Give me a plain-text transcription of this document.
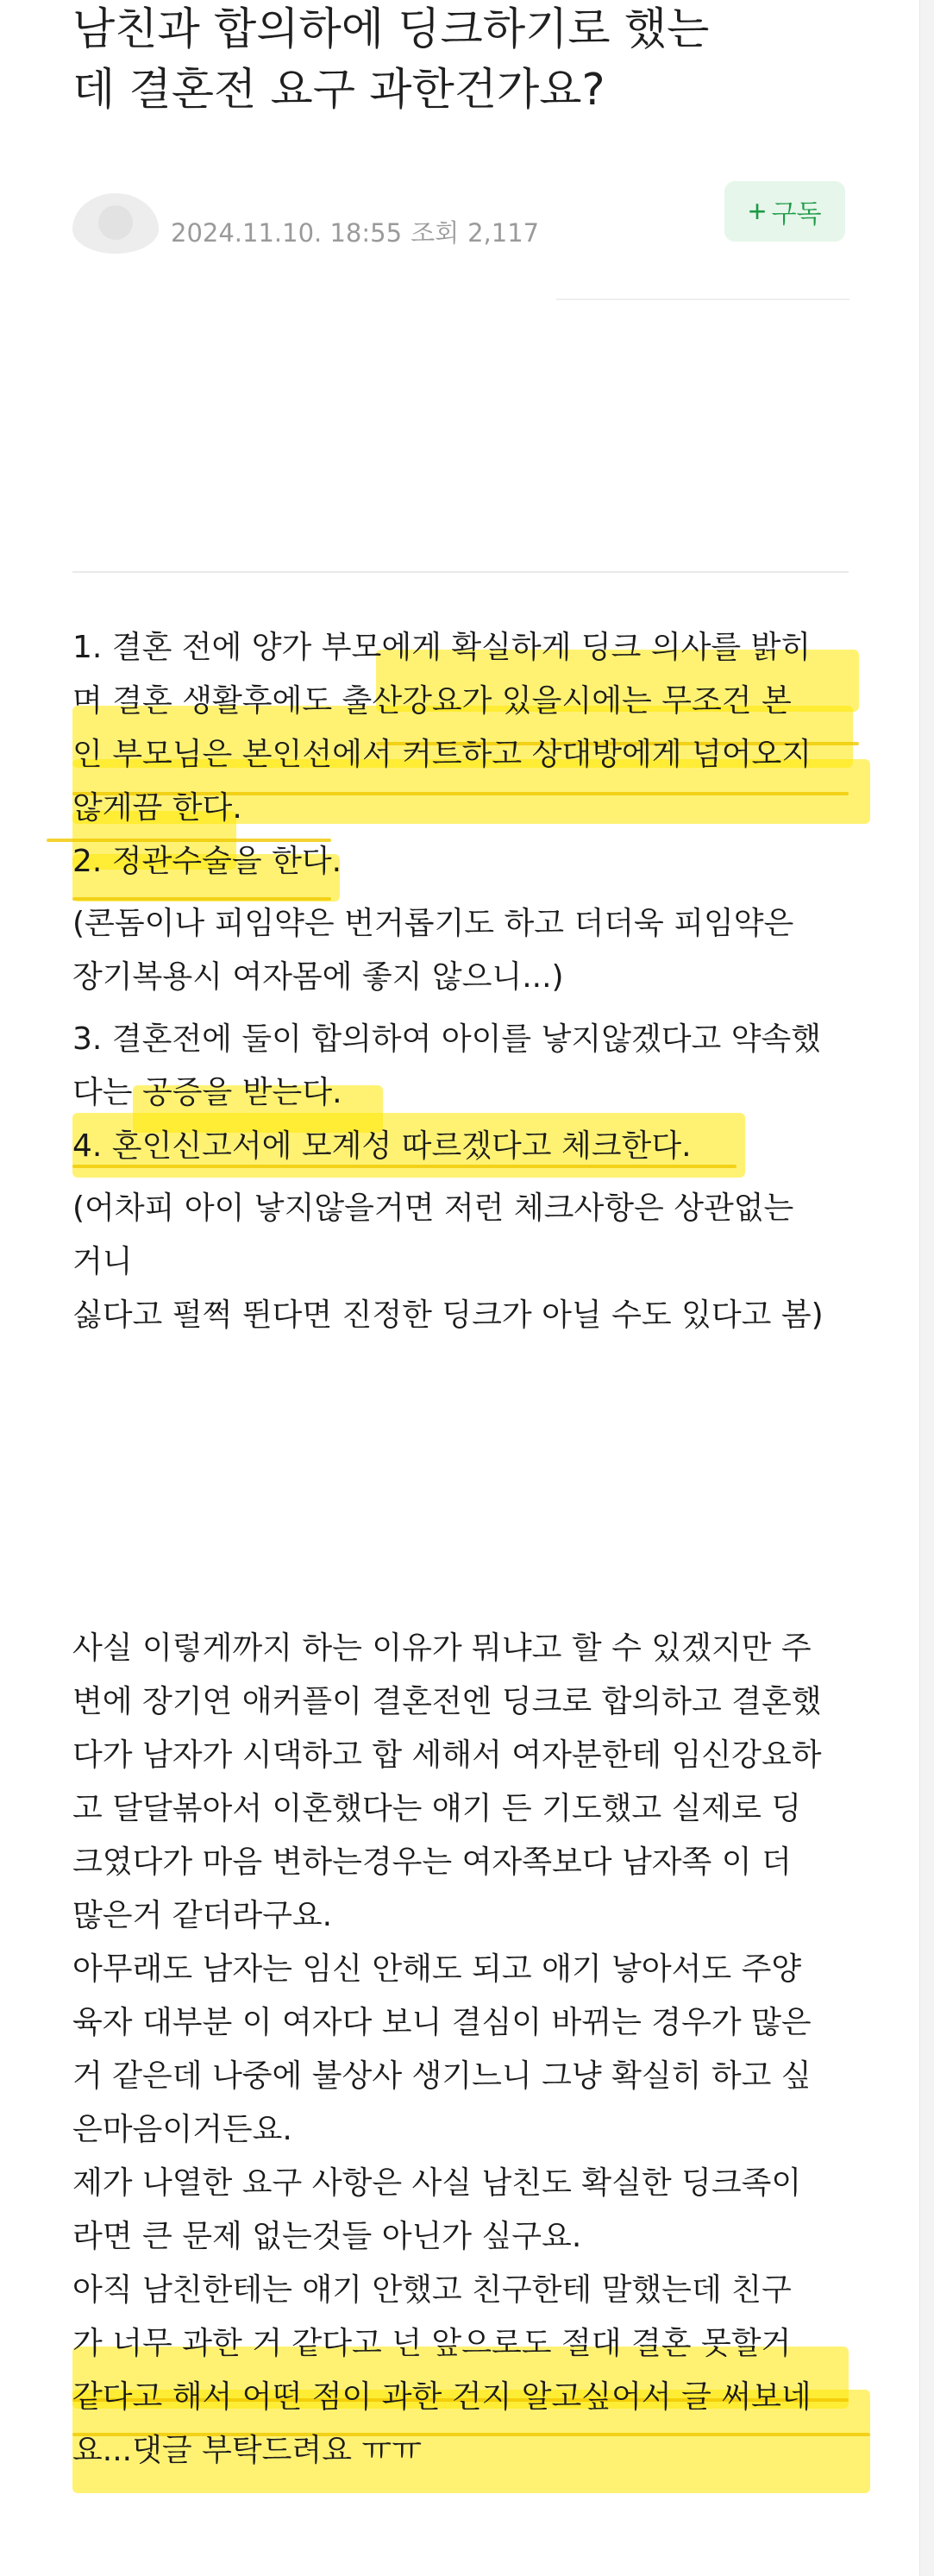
남친과 합의하에 딩크하기로 했는
데 결혼전 요구 과한건가요?
2024.11.10. 18:55 조회 2,117
+ 구독
1. 결혼 전에 양가 부모에게 확실하게 딩크 의사를 밝히
며 결혼 생활후에도 출산강요가 있을시에는 무조건 본
인 부모님은 본인선에서 커트하고 상대방에게 넘어오지
않게끔 한다.
2. 정관수술을 한다.
(콘돔이나 피임약은 번거롭기도 하고 더더욱 피임약은
장기복용시 여자몸에 좋지 않으니...)
3. 결혼전에 둘이 합의하여 아이를 낳지않겠다고 약속했
다는 공증을 받는다.
4. 혼인신고서에 모계성 따르겠다고 체크한다.
(어차피 아이 낳지않을거면 저런 체크사항은 상관없는
거니
싫다고 펄쩍 뛴다면 진정한 딩크가 아닐 수도 있다고 봄)
사실 이렇게까지 하는 이유가 뭐냐고 할 수 있겠지만 주
변에 장기연 애커플이 결혼전엔 딩크로 합의하고 결혼했
다가 남자가 시댁하고 합 세해서 여자분한테 임신강요하
고 달달볶아서 이혼했다는 얘기 든 기도했고 실제로 딩
크였다가 마음 변하는경우는 여자쪽보다 남자쪽 이 더
많은거 같더라구요.
아무래도 남자는 임신 안해도 되고 애기 낳아서도 주양
육자 대부분 이 여자다 보니 결심이 바뀌는 경우가 많은
거 같은데 나중에 불상사 생기느니 그냥 확실히 하고 싶
은마음이거든요.
제가 나열한 요구 사항은 사실 남친도 확실한 딩크족이
라면 큰 문제 없는것들 아닌가 싶구요.
아직 남친한테는 얘기 안했고 친구한테 말했는데 친구
가 너무 과한 거 같다고 넌 앞으로도 절대 결혼 못할거
같다고 해서 어떤 점이 과한 건지 알고싶어서 글 써보네
요...댓글 부탁드려요 ㅠㅠ
